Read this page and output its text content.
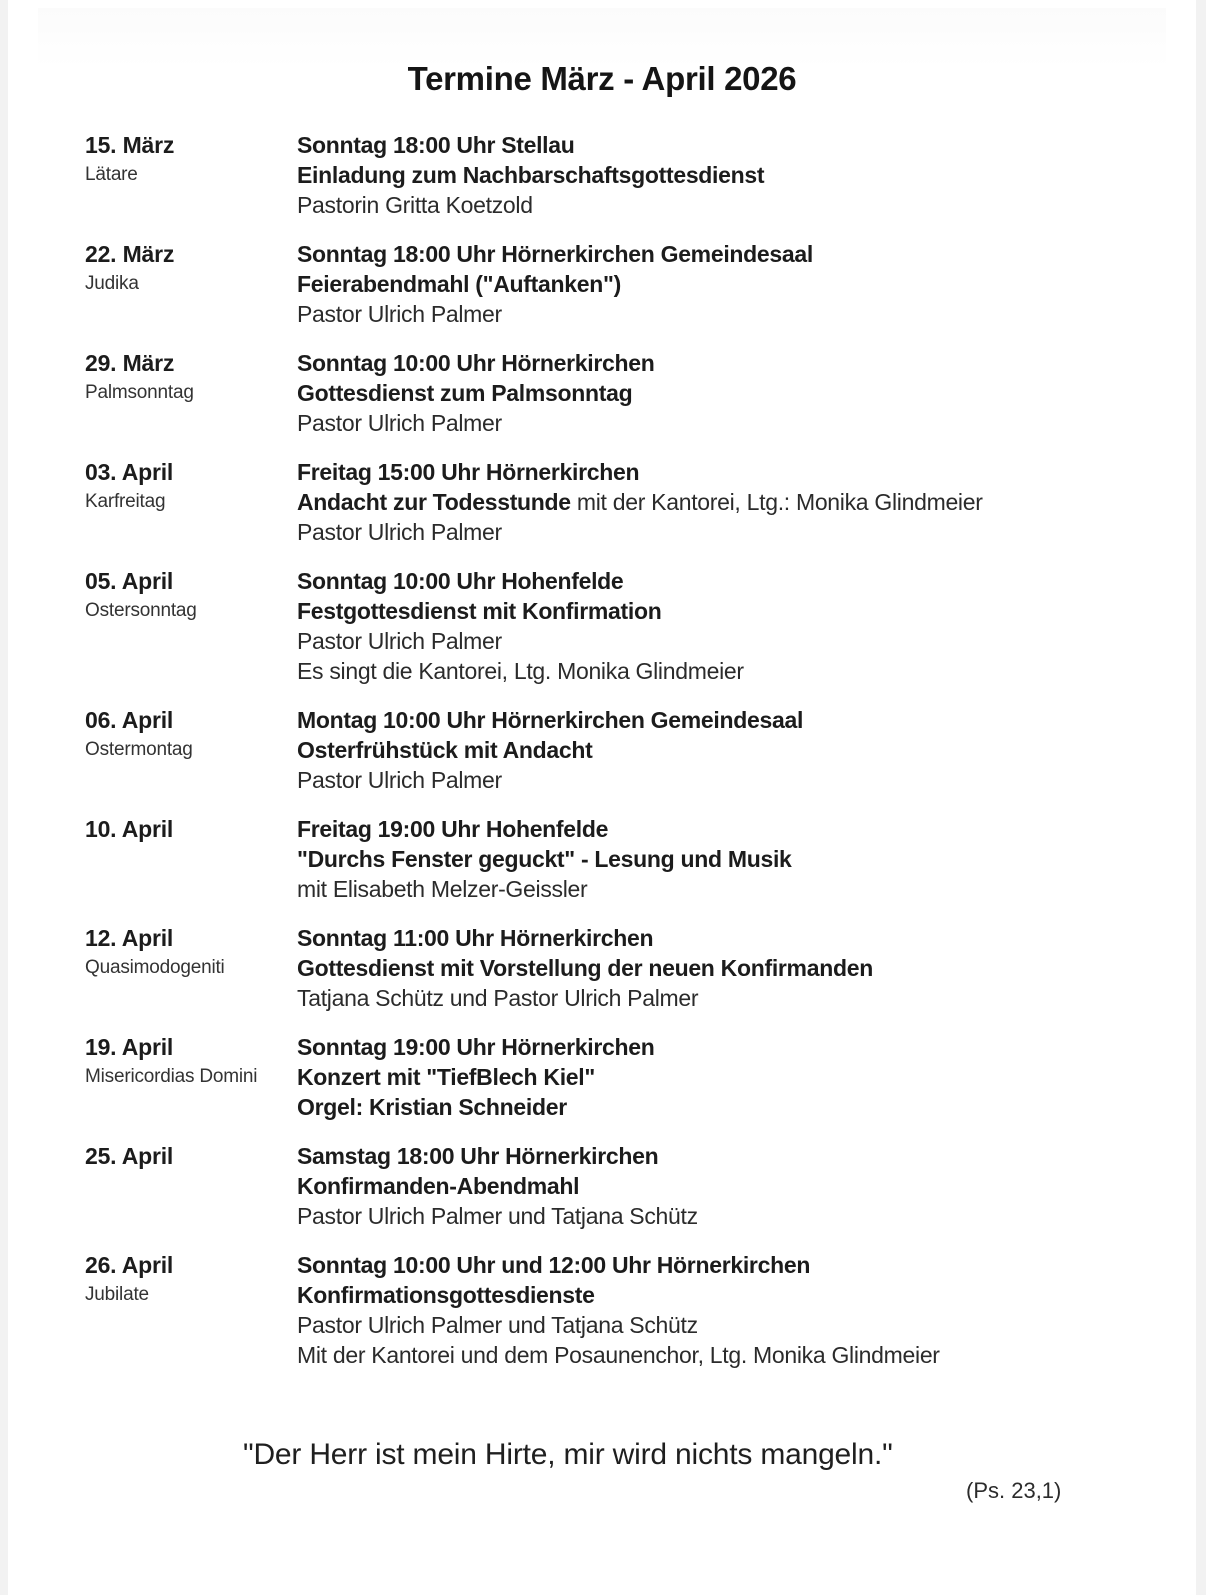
Termine März - April 2026
15. März
Lätare
Sonntag 18:00 Uhr Stellau
Einladung zum Nachbarschaftsgottesdienst
Pastorin Gritta Koetzold
22. März
Judika
Sonntag 18:00 Uhr Hörnerkirchen Gemeindesaal
Feierabendmahl ("Auftanken")
Pastor Ulrich Palmer
29. März
Palmsonntag
Sonntag 10:00 Uhr Hörnerkirchen
Gottesdienst zum Palmsonntag
Pastor Ulrich Palmer
03. April
Karfreitag
Freitag 15:00 Uhr Hörnerkirchen
Andacht zur Todesstunde mit der Kantorei, Ltg.: Monika Glindmeier
Pastor Ulrich Palmer
05. April
Ostersonntag
Sonntag 10:00 Uhr Hohenfelde
Festgottesdienst mit Konfirmation
Pastor Ulrich Palmer
Es singt die Kantorei, Ltg. Monika Glindmeier
06. April
Ostermontag
Montag 10:00 Uhr Hörnerkirchen Gemeindesaal
Osterfrühstück mit Andacht
Pastor Ulrich Palmer
10. April	Freitag 19:00 Uhr Hohenfelde
"Durchs Fenster geguckt" - Lesung und Musik
mit Elisabeth Melzer-Geissler
12. April
Quasimodogeniti
Sonntag 11:00 Uhr Hörnerkirchen
Gottesdienst mit Vorstellung der neuen Konfirmanden
Tatjana Schütz und Pastor Ulrich Palmer
19. April
Misericordias Domini
Sonntag 19:00 Uhr Hörnerkirchen
Konzert mit "TiefBlech Kiel"
Orgel: Kristian Schneider
25. April	Samstag 18:00 Uhr Hörnerkirchen
Konfirmanden-Abendmahl
Pastor Ulrich Palmer und Tatjana Schütz
26. April
Jubilate
Sonntag 10:00 Uhr und 12:00 Uhr Hörnerkirchen
Konfirmationsgottesdienste
Pastor Ulrich Palmer und Tatjana Schütz
Mit der Kantorei und dem Posaunenchor, Ltg. Monika Glindmeier
"Der Herr ist mein Hirte, mir wird nichts mangeln."
(Ps. 23,1)
